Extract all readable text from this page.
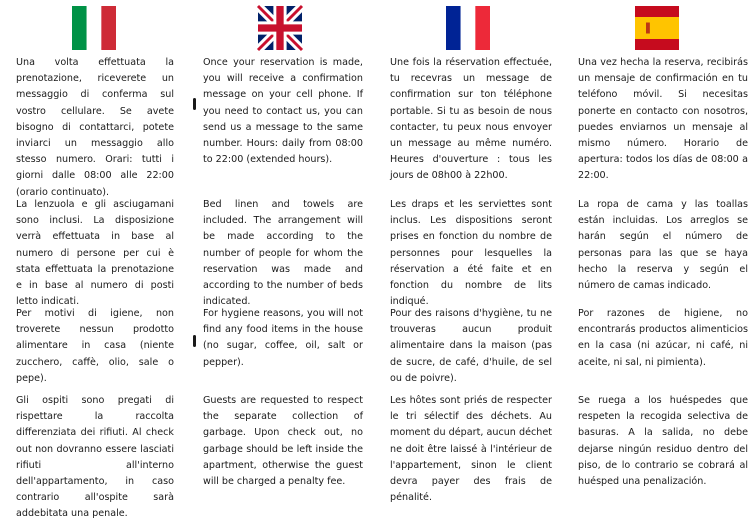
Una volta effettuata la prenotazione, riceverete un messaggio di conferma sul vostro cellulare. Se avete bisogno di contattarci, potete inviarci un messaggio allo stesso numero. Orari: tutti i giorni dalle 08:00 alle 22:00 (orario continuato).

La lenzuola e gli asciugamani sono inclusi. La disposizione verrà effettuata in base al numero di persone per cui è stata effettuata la prenotazione e in base al numero di posti letto indicati.

Per motivi di igiene, non troverete nessun prodotto alimentare in casa (niente zucchero, caffè, olio, sale o pepe).

Gli ospiti sono pregati di rispettare la raccolta differenziata dei rifiuti. Al check out non dovranno essere lasciati rifiuti all'interno dell'appartamento, in caso contrario all'ospite sarà addebitata una penale.

Once your reservation is made, you will receive a confirmation message on your cell phone. If you need to contact us, you can send us a message to the same number. Hours: daily from 08:00 to 22:00 (extended hours).

Bed linen and towels are included. The arrangement will be made according to the number of people for whom the reservation was made and according to the number of beds indicated.

For hygiene reasons, you will not find any food items in the house (no sugar, coffee, oil, salt or pepper).

Guests are requested to respect the separate collection of garbage. Upon check out, no garbage should be left inside the apartment, otherwise the guest will be charged a penalty fee.

Une fois la réservation effectuée, tu recevras un message de confirmation sur ton téléphone portable. Si tu as besoin de nous contacter, tu peux nous envoyer un message au même numéro. Heures d'ouverture : tous les jours de 08h00 à 22h00.

Les draps et les serviettes sont inclus. Les dispositions seront prises en fonction du nombre de personnes pour lesquelles la réservation a été faite et en fonction du nombre de lits indiqué.

Pour des raisons d'hygiène, tu ne trouveras aucun produit alimentaire dans la maison (pas de sucre, de café, d'huile, de sel ou de poivre).

Les hôtes sont priés de respecter le tri sélectif des déchets. Au moment du départ, aucun déchet ne doit être laissé à l'intérieur de l'appartement, sinon le client devra payer des frais de pénalité.

Una vez hecha la reserva, recibirás un mensaje de confirmación en tu teléfono móvil. Si necesitas ponerte en contacto con nosotros, puedes enviarnos un mensaje al mismo número. Horario de apertura: todos los días de 08:00 a 22:00.

La ropa de cama y las toallas están incluidas. Los arreglos se harán según el número de personas para las que se haya hecho la reserva y según el número de camas indicado.

Por razones de higiene, no encontrarás productos alimenticios en la casa (ni azúcar, ni café, ni aceite, ni sal, ni pimienta).

Se ruega a los huéspedes que respeten la recogida selectiva de basuras. A la salida, no debe dejarse ningún residuo dentro del piso, de lo contrario se cobrará al huésped una penalización.
